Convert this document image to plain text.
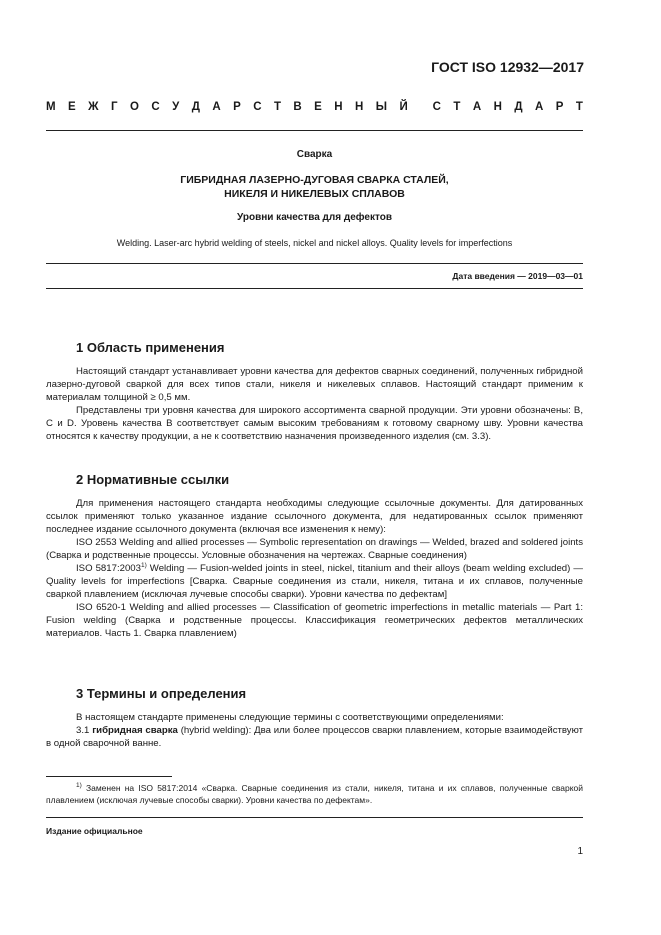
ГОСТ ISO 12932—2017
М Е Ж Г О С У Д А Р С Т В Е Н Н Ы Й С Т А Н Д А Р Т
Сварка
ГИБРИДНАЯ ЛАЗЕРНО-ДУГОВАЯ СВАРКА СТАЛЕЙ,
НИКЕЛЯ И НИКЕЛЕВЫХ СПЛАВОВ
Уровни качества для дефектов
Welding. Laser-arc hybrid welding of steels, nickel and nickel alloys. Quality levels for imperfections
Дата введения — 2019—03—01
1 Область применения

Настоящий стандарт устанавливает уровни качества для дефектов сварных соединений, полученных гибридной лазерно-дуговой сваркой для всех типов стали, никеля и никелевых сплавов. Настоящий стандарт применим к материалам толщиной ≥ 0,5 мм.

Представлены три уровня качества для широкого ассортимента сварной продукции. Эти уровни обозначены: B, C и D. Уровень качества B соответствует самым высоким требованиям к готовому сварному шву. Уровни качества относятся к качеству продукции, а не к соответствию назначения произведенного изделия (см. 3.3).

2 Нормативные ссылки

Для применения настоящего стандарта необходимы следующие ссылочные документы. Для датированных ссылок применяют только указанное издание ссылочного документа, для недатированных ссылок применяют последнее издание ссылочного документа (включая все изменения к нему):

ISO 2553 Welding and allied processes — Symbolic representation on drawings — Welded, brazed and soldered joints (Сварка и родственные процессы. Условные обозначения на чертежах. Сварные соединения)

ISO 5817:2003$^{1)}$ Welding — Fusion-welded joints in steel, nickel, titanium and their alloys (beam welding excluded) — Quality levels for imperfections [Сварка. Сварные соединения из стали, никеля, титана и их сплавов, полученные сваркой плавлением (исключая лучевые способы сварки). Уровни качества по дефектам]

ISO 6520-1 Welding and allied processes — Classification of geometric imperfections in metallic materials — Part 1: Fusion welding (Сварка и родственные процессы. Классификация геометрических дефектов металлических материалов. Часть 1. Сварка плавлением)

3 Термины и определения

В настоящем стандарте применены следующие термины с соответствующими определениями:

3.1 гибридная сварка (hybrid welding): Два или более процессов сварки плавлением, которые взаимодействуют в одной сварочной ванне.

$^{1)}$ Заменен на ISO 5817:2014 «Сварка. Сварные соединения из стали, никеля, титана и их сплавов, полученные сваркой плавлением (исключая лучевые способы сварки). Уровни качества по дефектам».
Издание официальное
1
